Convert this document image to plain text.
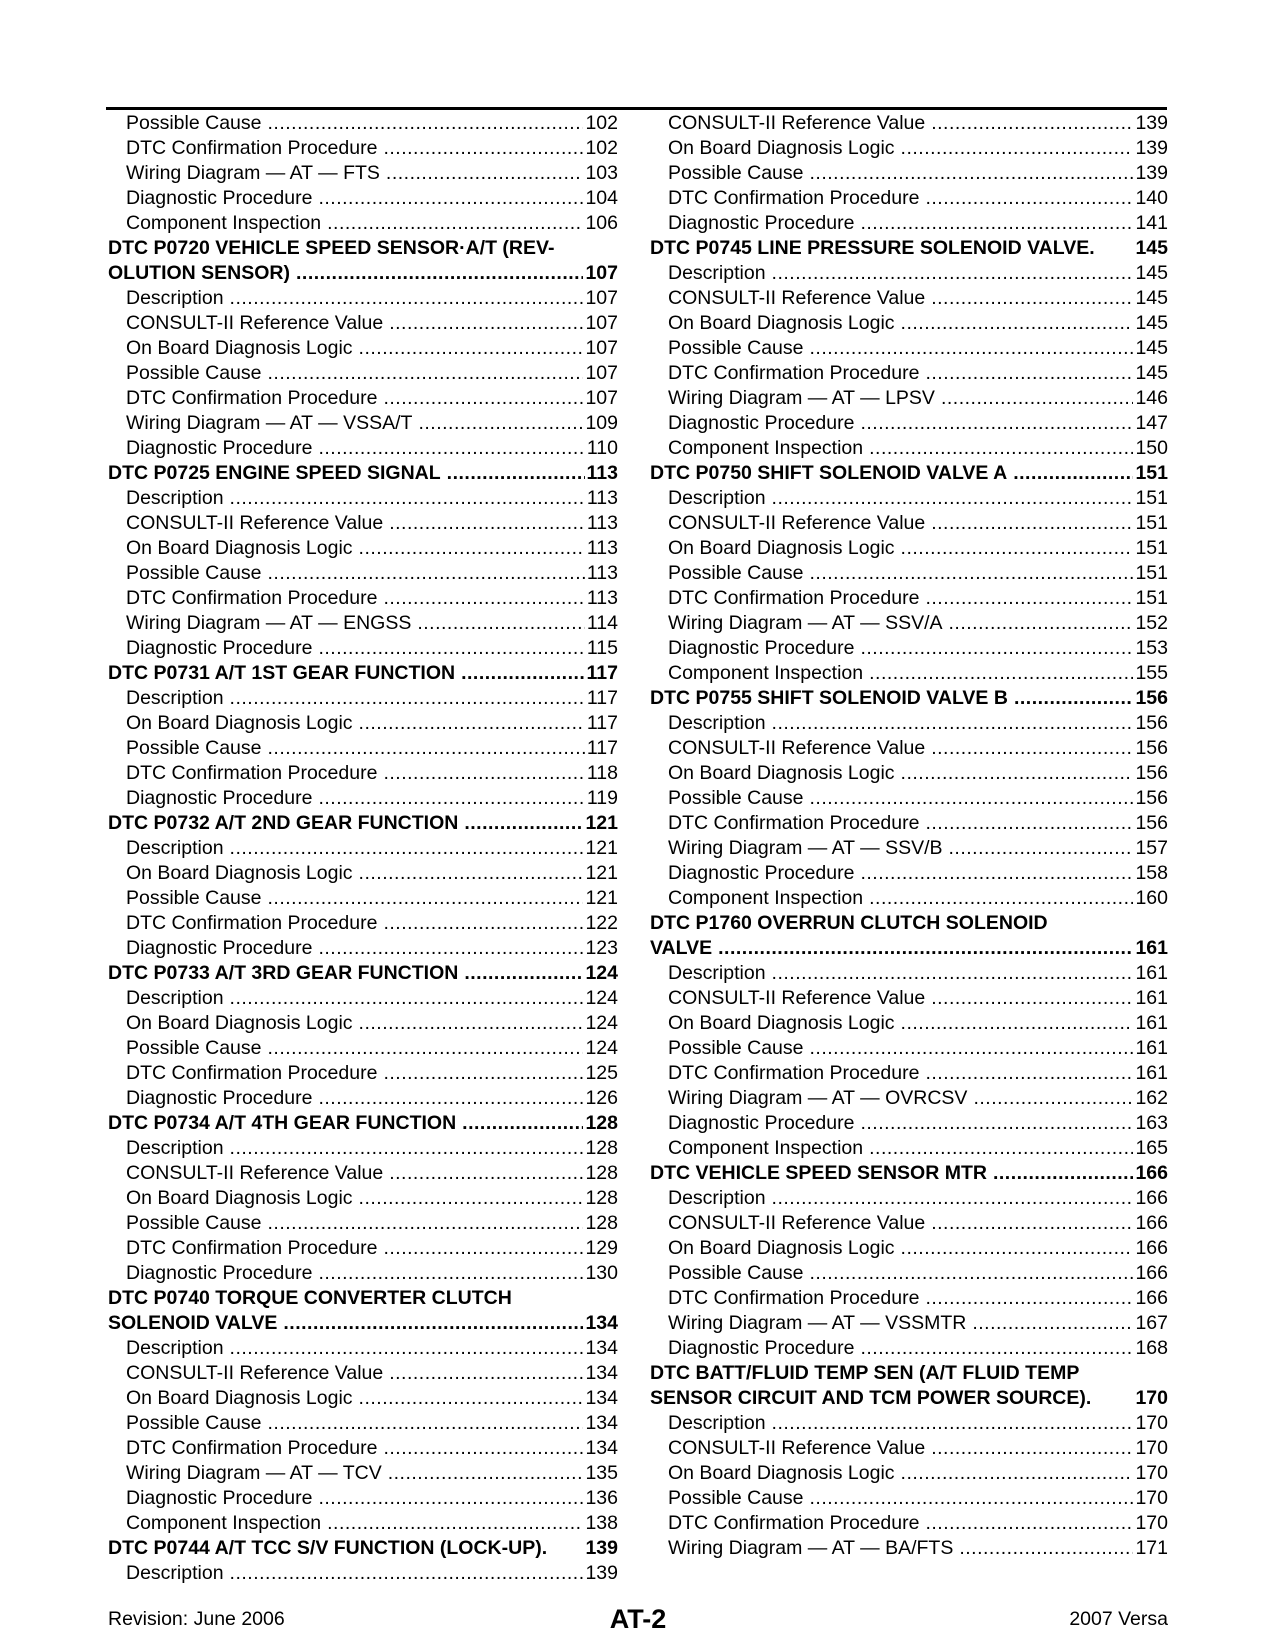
Possible Cause .....	102
DTC Confirmation Procedure .....	102
Wiring Diagram — AT — FTS .....	103
Diagnostic Procedure .....	104
Component Inspection .....	106
DTC P0720 VEHICLE SPEED SENSOR·A/T (REV-
OLUTION SENSOR) .....	107
Description .....	107
CONSULT-II Reference Value .....	107
On Board Diagnosis Logic .....	107
Possible Cause .....	107
DTC Confirmation Procedure .....	107
Wiring Diagram — AT — VSSA/T .....	109
Diagnostic Procedure .....	110
DTC P0725 ENGINE SPEED SIGNAL .....	113
Description .....	113
CONSULT-II Reference Value .....	113
On Board Diagnosis Logic .....	113
Possible Cause .....	113
DTC Confirmation Procedure .....	113
Wiring Diagram — AT — ENGSS .....	114
Diagnostic Procedure .....	115
DTC P0731 A/T 1ST GEAR FUNCTION .....	117
Description .....	117
On Board Diagnosis Logic .....	117
Possible Cause .....	117
DTC Confirmation Procedure .....	118
Diagnostic Procedure .....	119
DTC P0732 A/T 2ND GEAR FUNCTION .....	121
Description .....	121
On Board Diagnosis Logic .....	121
Possible Cause .....	121
DTC Confirmation Procedure .....	122
Diagnostic Procedure .....	123
DTC P0733 A/T 3RD GEAR FUNCTION .....	124
Description .....	124
On Board Diagnosis Logic .....	124
Possible Cause .....	124
DTC Confirmation Procedure .....	125
Diagnostic Procedure .....	126
DTC P0734 A/T 4TH GEAR FUNCTION .....	128
Description .....	128
CONSULT-II Reference Value .....	128
On Board Diagnosis Logic .....	128
Possible Cause .....	128
DTC Confirmation Procedure .....	129
Diagnostic Procedure .....	130
DTC P0740 TORQUE CONVERTER CLUTCH
SOLENOID VALVE .....	134
Description .....	134
CONSULT-II Reference Value .....	134
On Board Diagnosis Logic .....	134
Possible Cause .....	134
DTC Confirmation Procedure .....	134
Wiring Diagram — AT — TCV .....	135
Diagnostic Procedure .....	136
Component Inspection .....	138
DTC P0744 A/T TCC S/V FUNCTION (LOCK-UP). 139
Description .....	139
CONSULT-II Reference Value .....	139
On Board Diagnosis Logic .....	139
Possible Cause .....	139
DTC Confirmation Procedure .....	140
Diagnostic Procedure .....	141
DTC P0745 LINE PRESSURE SOLENOID VALVE. 145
Description .....	145
CONSULT-II Reference Value .....	145
On Board Diagnosis Logic .....	145
Possible Cause .....	145
DTC Confirmation Procedure .....	145
Wiring Diagram — AT — LPSV .....	146
Diagnostic Procedure .....	147
Component Inspection .....	150
DTC P0750 SHIFT SOLENOID VALVE A .....	151
Description .....	151
CONSULT-II Reference Value .....	151
On Board Diagnosis Logic .....	151
Possible Cause .....	151
DTC Confirmation Procedure .....	151
Wiring Diagram — AT — SSV/A .....	152
Diagnostic Procedure .....	153
Component Inspection .....	155
DTC P0755 SHIFT SOLENOID VALVE B .....	156
Description .....	156
CONSULT-II Reference Value .....	156
On Board Diagnosis Logic .....	156
Possible Cause .....	156
DTC Confirmation Procedure .....	156
Wiring Diagram — AT — SSV/B .....	157
Diagnostic Procedure .....	158
Component Inspection .....	160
DTC P1760 OVERRUN CLUTCH SOLENOID
VALVE .....	161
Description .....	161
CONSULT-II Reference Value .....	161
On Board Diagnosis Logic .....	161
Possible Cause .....	161
DTC Confirmation Procedure .....	161
Wiring Diagram — AT — OVRCSV .....	162
Diagnostic Procedure .....	163
Component Inspection .....	165
DTC VEHICLE SPEED SENSOR MTR .....	166
Description .....	166
CONSULT-II Reference Value .....	166
On Board Diagnosis Logic .....	166
Possible Cause .....	166
DTC Confirmation Procedure .....	166
Wiring Diagram — AT — VSSMTR .....	167
Diagnostic Procedure .....	168
DTC BATT/FLUID TEMP SEN (A/T FLUID TEMP
SENSOR CIRCUIT AND TCM POWER SOURCE). 170
Description .....	170
CONSULT-II Reference Value .....	170
On Board Diagnosis Logic .....	170
Possible Cause .....	170
DTC Confirmation Procedure .....	170
Wiring Diagram — AT — BA/FTS .....	171
Revision: June 2006	AT-2	2007 Versa
